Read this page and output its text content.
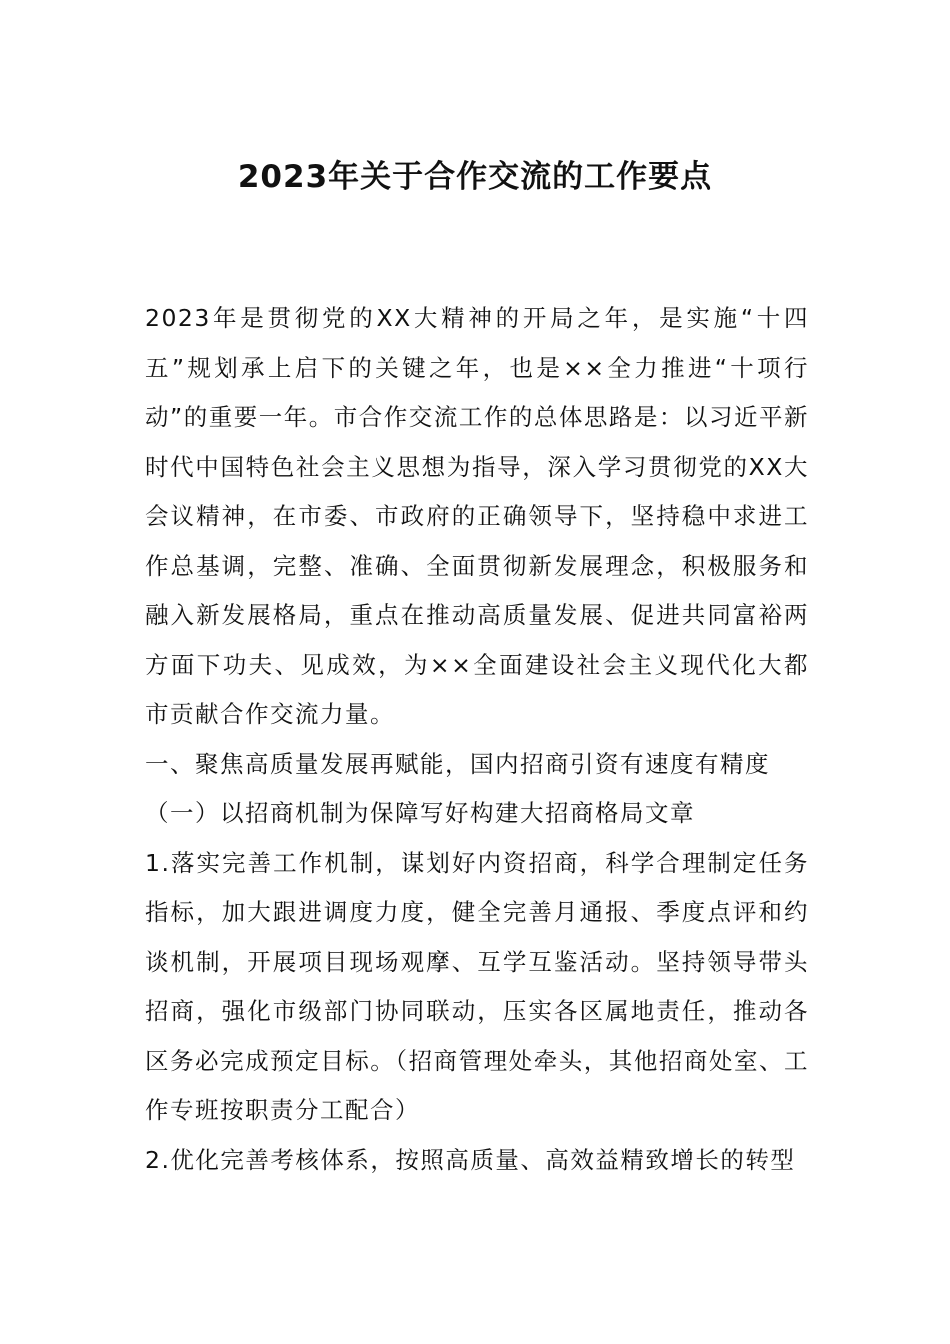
2023年关于合作交流的工作要点

2023年是贯彻党的XX大精神的开局之年，是实施“十四五”规划承上启下的关键之年，也是××全力推进“十项行动”的重要一年。市合作交流工作的总体思路是：以习近平新时代中国特色社会主义思想为指导，深入学习贯彻党的XX大会议精神，在市委、市政府的正确领导下，坚持稳中求进工作总基调，完整、准确、全面贯彻新发展理念，积极服务和融入新发展格局，重点在推动高质量发展、促进共同富裕两方面下功夫、见成效，为××全面建设社会主义现代化大都市贡献合作交流力量。

一、聚焦高质量发展再赋能，国内招商引资有速度有精度

（一）以招商机制为保障写好构建大招商格局文章

1.落实完善工作机制，谋划好内资招商，科学合理制定任务指标，加大跟进调度力度，健全完善月通报、季度点评和约谈机制，开展项目现场观摩、互学互鉴活动。坚持领导带头招商，强化市级部门协同联动，压实各区属地责任，推动各区务必完成预定目标。（招商管理处牵头，其他招商处室、工作专班按职责分工配合）

2.优化完善考核体系，按照高质量、高效益精致增长的转型
